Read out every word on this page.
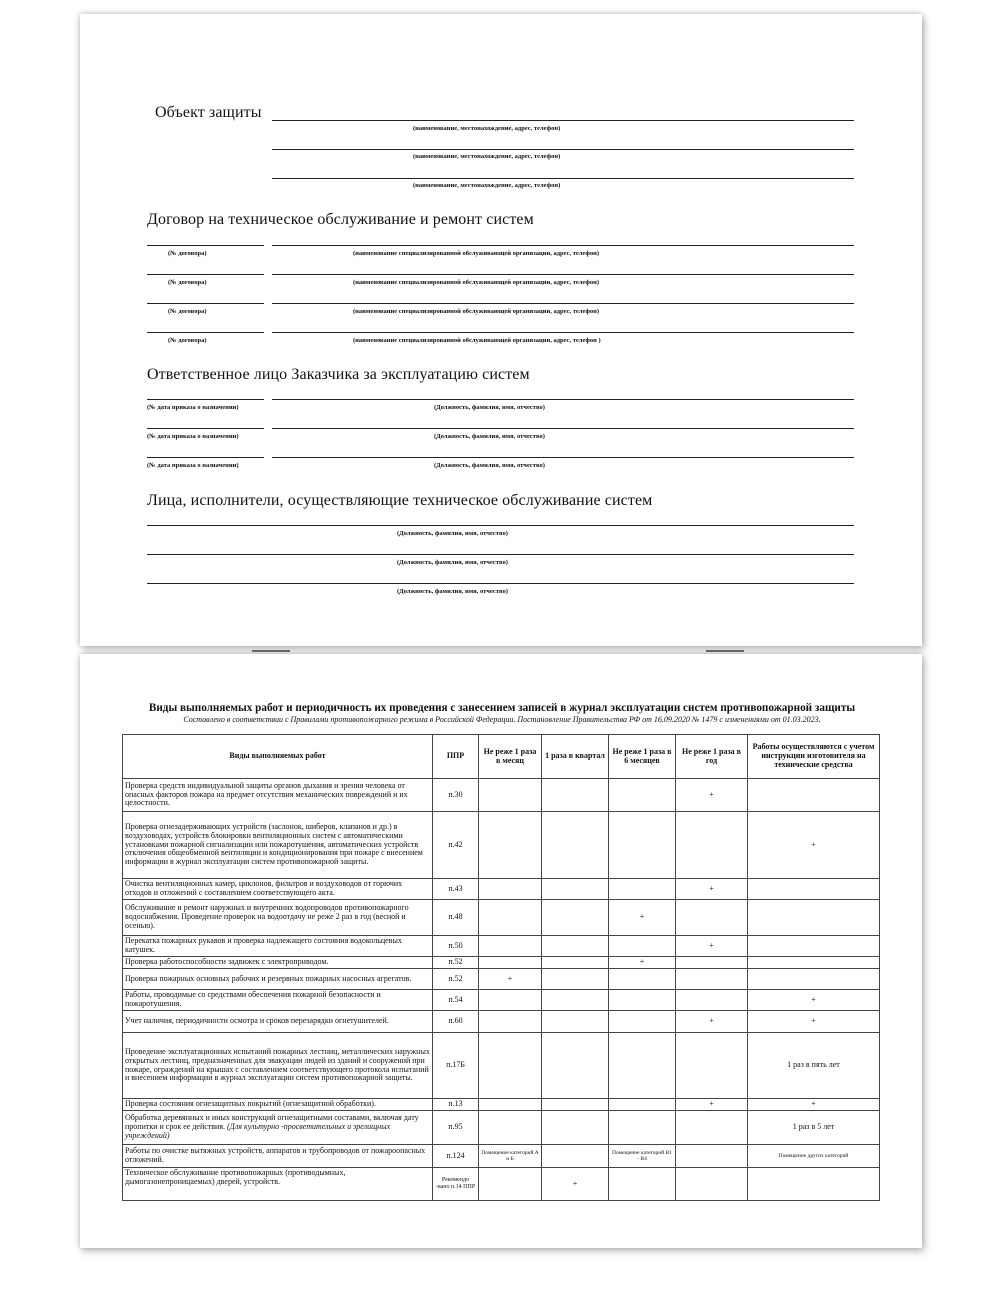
Объект защиты
(наименование, местонахождение, адрес, телефон)
(наименование, местонахождение, адрес, телефон)
(наименование, местонахождение, адрес, телефон)
Договор на техническое обслуживание и ремонт систем
(№ договора)	(наименование специализированной обслуживающей организации, адрес, телефон)
(№ договора)	(наименование специализированной обслуживающей организации, адрес, телефон)
(№ договора)	(наименование специализированной обслуживающей организации, адрес, телефон)
(№ договора)	(наименование специализированной обслуживающей организации, адрес, телефон )
Ответственное лицо Заказчика за эксплуатацию систем
(№ дата приказа о назначении)	(Должность, фамилия, имя, отчество)
(№ дата приказа о назначении)	(Должность, фамилия, имя, отчество)
(№ дата приказа о назначении)	(Должность, фамилия, имя, отчество)
Лица, исполнители, осуществляющие техническое обслуживание систем
(Должность, фамилия, имя, отчество)
(Должность, фамилия, имя, отчество)
(Должность, фамилия, имя, отчество)
Виды выполняемых работ и периодичность их проведения с занесением записей в журнал эксплуатации систем противопожарной защиты
Составлено в соответствии с Правилами противопожарного режима в Российской Федерации. Постановление Правительства РФ от 16.09.2020 № 1479 с изменениями от 01.03.2023.
Виды выполняемых работ	ППР	Не реже 1 раза в месяц	1 раза в квартал	Не реже 1 раза в 6 месяцев	Не реже 1 раза в год	Работы осуществляются с учетом инструкции изготовителя на технические средства
Проверка средств индивидуальной защиты органов дыхания и зрения человека от опасных факторов пожара на предмет отсутствия механических повреждений и их целостности.	п.30				+	
Проверка огнезадерживающих устройств (заслонок, шиберов, клапанов и др.) в воздуховодах, устройств блокировки вентиляционных систем с автоматическими установками пожарной сигнализации или пожаротушения, автоматических устройств отключения общеобменной вентиляции и кондиционирования при пожаре с внесением информации в журнал эксплуатации систем противопожарной защиты.	п.42					+
Очистка вентиляционных камер, циклонов, фильтров и воздуховодов от горючих отходов и отложений с составлением соответствующего акта.	п.43				+	
Обслуживание и ремонт наружных и внутренних водопроводов противопожарного водоснабжения. Проведение проверок на водоотдачу не реже 2 раз в год (весной и осенью).	п.48			+		
Перекатка пожарных рукавов и проверка надлежащего состояния водокольцевых катушек.	п.50				+	
Проверка работоспособности задвижек с электроприводом.	п.52			+		
Проверка пожарных основных рабочих и резервных пожарных насосных агрегатов.	п.52	+				
Работы, проводимые со средствами обеспечения пожарной безопасности и пожаротушения.	п.54					+
Учет наличия, периодичности осмотра и сроков перезарядки огнетушителей.	п.60				+	+
Проведение эксплуатационных испытаний пожарных лестниц, металлических наружных открытых лестниц, предназначенных для эвакуации людей из зданий и сооружений при пожаре, ограждений на крышах с составлением соответствующего протокола испытаний и внесением информации в журнал эксплуатации систем противопожарной защиты.	п.17Б					1 раз в пять лет
Проверка состояния огнезащитных покрытий (огнезащитной обработки).	п.13				+	+
Обработка деревянных и иных конструкций огнезащитными составами, включая дату пропитки и срок ее действия. (Для культурно -просветительных и зрелищных учреждений)	п.95					1 раз в 5 лет
Работы по очистке вытяжных устройств, аппаратов и трубопроводов от пожароопасных отложений.	п.124	Помещение категорий А и Б		Помещение категорий В1 - В4		Помещение других категорий
Техническое обслуживание противопожарных (противодымных, дымогазонепроницаемых) дверей, устройств.	Рекомендо -вано п.14 ППР		+			
